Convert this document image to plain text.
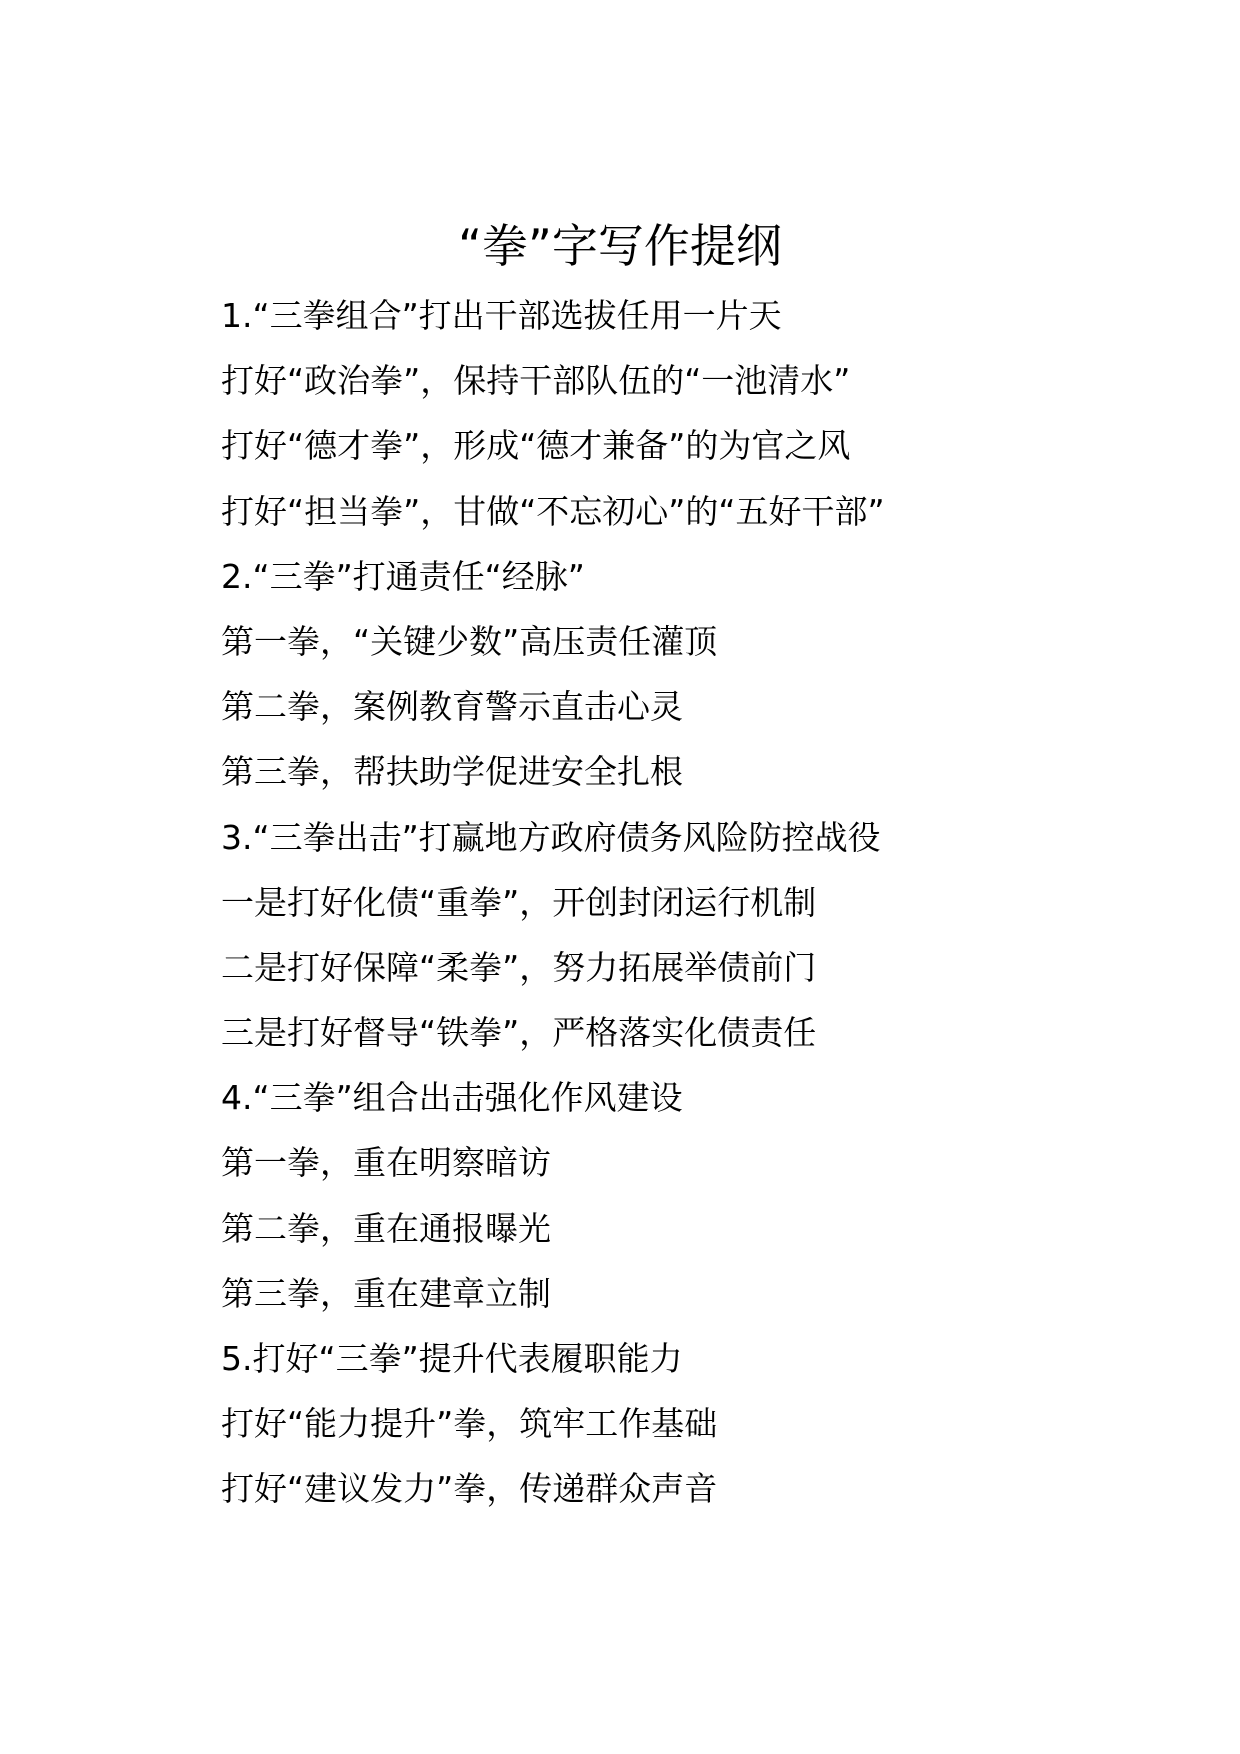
“拳”字写作提纲
1.“三拳组合”打出干部选拔任用一片天
打好“政治拳”，保持干部队伍的“一池清水”
打好“德才拳”，形成“德才兼备”的为官之风
打好“担当拳”，甘做“不忘初心”的“五好干部”
2.“三拳”打通责任“经脉”
第一拳，“关键少数”高压责任灌顶
第二拳，案例教育警示直击心灵
第三拳，帮扶助学促进安全扎根
3.“三拳出击”打赢地方政府债务风险防控战役
一是打好化债“重拳”，开创封闭运行机制
二是打好保障“柔拳”，努力拓展举债前门
三是打好督导“铁拳”，严格落实化债责任
4.“三拳”组合出击强化作风建设
第一拳，重在明察暗访
第二拳，重在通报曝光
第三拳，重在建章立制
5.打好“三拳”提升代表履职能力
打好“能力提升”拳，筑牢工作基础
打好“建议发力”拳，传递群众声音
